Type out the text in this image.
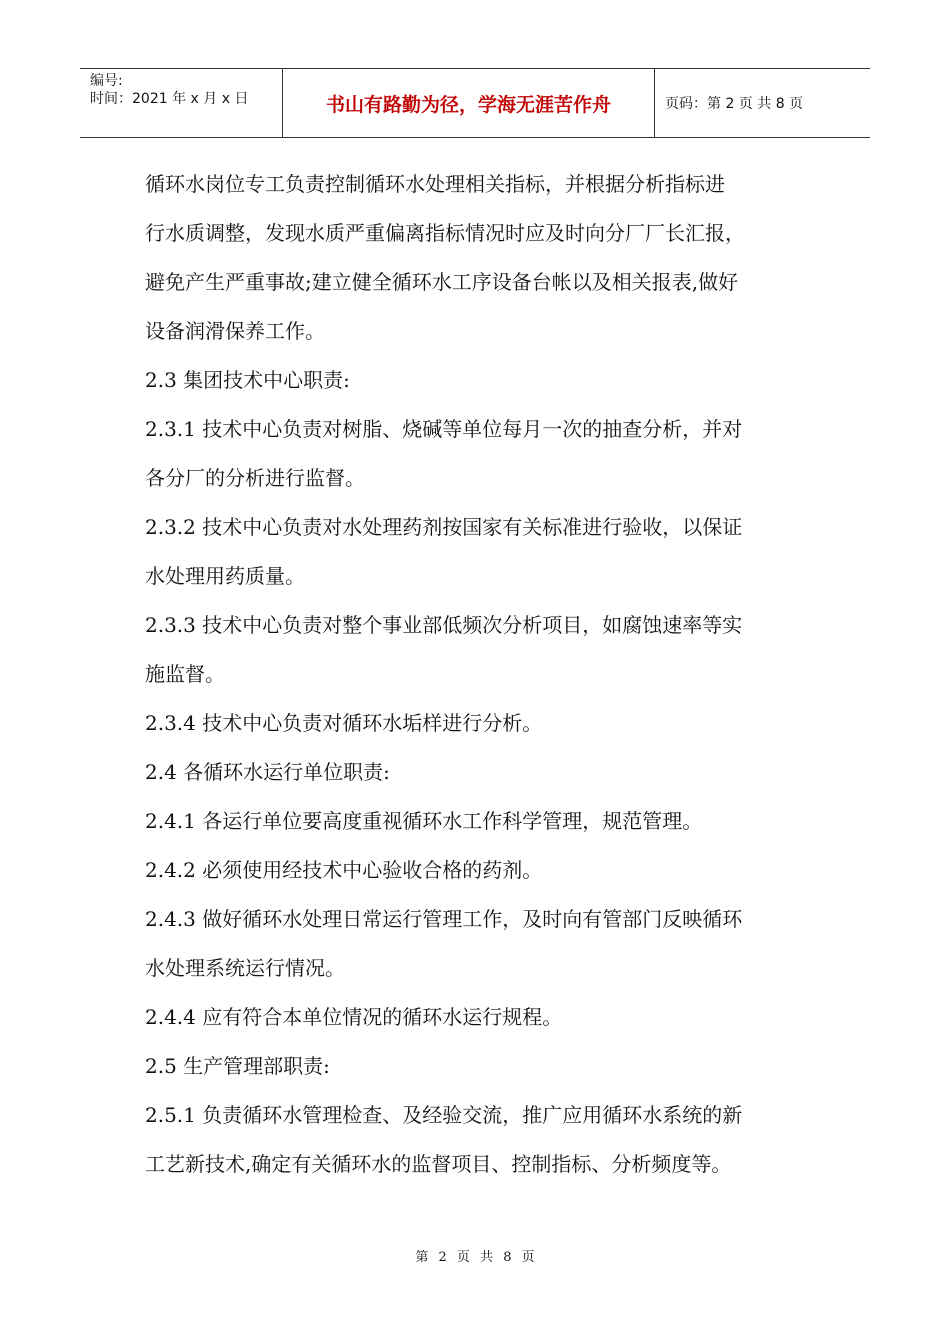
编号:
时间：2021 年 x 月 x 日	书山有路勤为径，学海无涯苦作舟	页码：第 2 页 共 8 页

循环水岗位专工负责控制循环水处理相关指标，并根据分析指标进

行水质调整，发现水质严重偏离指标情况时应及时向分厂厂长汇报，

避免产生严重事故;建立健全循环水工序设备台帐以及相关报表,做好

设备润滑保养工作。

2.3 集团技术中心职责:

2.3.1 技术中心负责对树脂、烧碱等单位每月一次的抽查分析，并对

各分厂的分析进行监督。

2.3.2 技术中心负责对水处理药剂按国家有关标准进行验收，以保证

水处理用药质量。

2.3.3 技术中心负责对整个事业部低频次分析项目，如腐蚀速率等实

施监督。

2.3.4 技术中心负责对循环水垢样进行分析。

2.4 各循环水运行单位职责:

2.4.1 各运行单位要高度重视循环水工作科学管理，规范管理。

2.4.2 必须使用经技术中心验收合格的药剂。

2.4.3 做好循环水处理日常运行管理工作，及时向有管部门反映循环

水处理系统运行情况。

2.4.4 应有符合本单位情况的循环水运行规程。

2.5 生产管理部职责:

2.5.1 负责循环水管理检查、及经验交流，推广应用循环水系统的新

工艺新技术,确定有关循环水的监督项目、控制指标、分析频度等。

第 2 页 共 8 页
